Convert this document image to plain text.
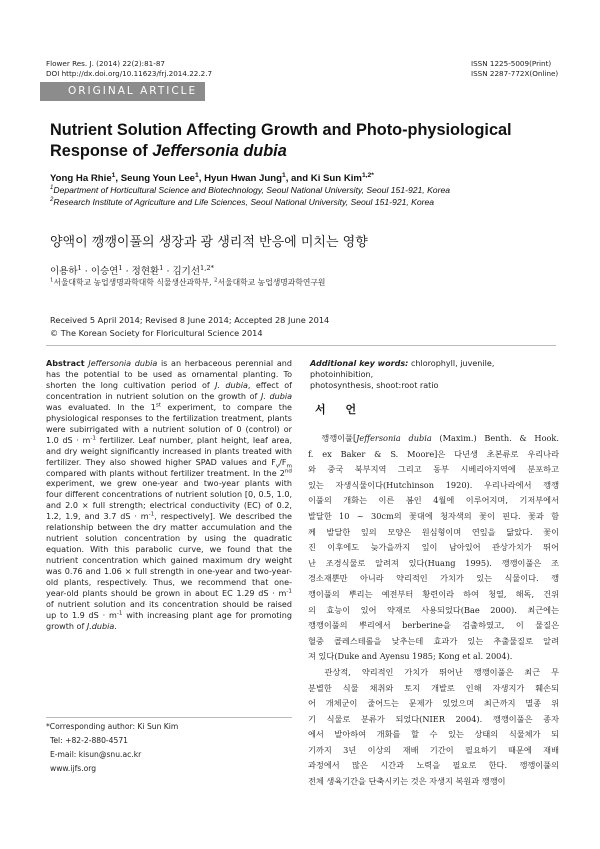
Flower Res. J. (2014) 22(2):81-87
DOI http://dx.doi.org/10.11623/frj.2014.22.2.7
ISSN 1225-5009(Print)
ISSN 2287-772X(Online)
ORIGINAL ARTICLE
Nutrient Solution Affecting Growth and Photo-physiological
Response of Jeffersonia dubia
Yong Ha Rhie$^1$, Seung Youn Lee$^1$, Hyun Hwan Jung$^1$, and Ki Sun Kim$^{1,2*}$
$^1$Department of Horticultural Science and Biotechnology, Seoul National University, Seoul 151-921, Korea
$^2$Research Institute of Agriculture and Life Sciences, Seoul National University, Seoul 151-921, Korea
양액이 깽깽이풀의 생장과 광 생리적 반응에 미치는 영향
이용하$^1$ · 이승연$^1$ · 정현환$^1$ · 김기선$^{1,2*}$
$^1$서울대학교 농업생명과학대학 식물생산과학부, $^2$서울대학교 농업생명과학연구원
Received 5 April 2014; Revised 8 June 2014; Accepted 28 June 2014
© The Korean Society for Floricultural Science 2014
Abstract Jeffersonia dubia is an herbaceous perennial and
has the potential to be used as ornamental planting. To
shorten the long cultivation period of J. dubia, effect of
concentration in nutrient solution on the growth of J. dubia
was evaluated. In the 1st experiment, to compare the
physiological responses to the fertilization treatment, plants
were subirrigated with a nutrient solution of 0 (control) or
1.0 dS · $m^{-1}$ fertilizer. Leaf number, plant height, leaf area,
and dry weight significantly increased in plants treated with
fertilizer. They also showed higher SPAD values and $F_v/F_m$
compared with plants without fertilizer treatment. In the 2nd
experiment, we grew one-year and two-year plants with
four different concentrations of nutrient solution [0, 0.5, 1.0,
and 2.0 × full strength; electrical conductivity (EC) of 0.2,
1.2, 1.9, and 3.7 dS · $m^{-1}$, respectively]. We described the
relationship between the dry matter accumulation and the
nutrient solution concentration by using the quadratic
equation. With this parabolic curve, we found that the
nutrient concentration which gained maximum dry weight
was 0.76 and 1.06 × full strength in one-year and two-year-
old plants, respectively. Thus, we recommend that one-
year-old plants should be grown in about EC 1.29 dS · $m^{-1}$
of nutrient solution and its concentration should be raised
up to 1.9 dS · $m^{-1}$ with increasing plant age for promoting
growth of J.dubia.
Additional key words: chlorophyll, juvenile, photoinhibition,
photosynthesis, shoot:root ratio
서 언
　깽깽이풀[Jeffersonia dubia (Maxim.) Benth. & Hook.
f. ex Baker & S. Moore]은 다년생 초본류로 우리나라
와 중국 북부지역 그리고 동부 시베리아지역에 분포하고
있는 자생식물이다(Hutchinson 1920). 우리나라에서 깽깽
이풀의 개화는 이른 봄인 4월에 이루어지며, 기저부에서
발달한 10 ~ 30cm의 꽃대에 청자색의 꽃이 핀다. 꽃과 함
께 발달한 잎의 모양은 원심형이며 연잎을 닮았다. 꽃이
진 이후에도 늦가을까지 잎이 남아있어 관상가치가 뛰어
난 조경식물로 알려져 있다(Huang 1995). 깽깽이풀은 조
경소재뿐만 아니라 약리적인 가치가 있는 식물이다. 깽
깽이풀의 뿌리는 예전부터 황련이라 하여 청열, 해독, 건위
의 효능이 있어 약재로 사용되었다(Bae 2000). 최근에는
깽깽이풀의 뿌리에서 berberine을 검출하였고, 이 물질은
혈중 콜레스테롤을 낮추는데 효과가 있는 추출물질로 알려
져 있다(Duke and Ayensu 1985; Kong et al. 2004).
　관상적, 약리적인 가치가 뛰어난 깽깽이풀은 최근 무
분별한 식물 채취와 토지 개발로 인해 자생지가 훼손되
어 개체군이 줄어드는 문제가 있었으며 최근까지 멸종 위
기 식물로 분류가 되었다(NIER 2004). 깽깽이풀은 종자
에서 발아하여 개화를 할 수 있는 상태의 식물체가 되
기까지 3년 이상의 재배 기간이 필요하기 때문에 재배
과정에서 많은 시간과 노력을 필요로 한다. 깽깽이풀의
전체 생육기간을 단축시키는 것은 자생지 복원과 깽깽이
*Corresponding author: Ki Sun Kim
Tel: +82-2-880-4571
E-mail: kisun@snu.ac.kr
www.ijfs.org
